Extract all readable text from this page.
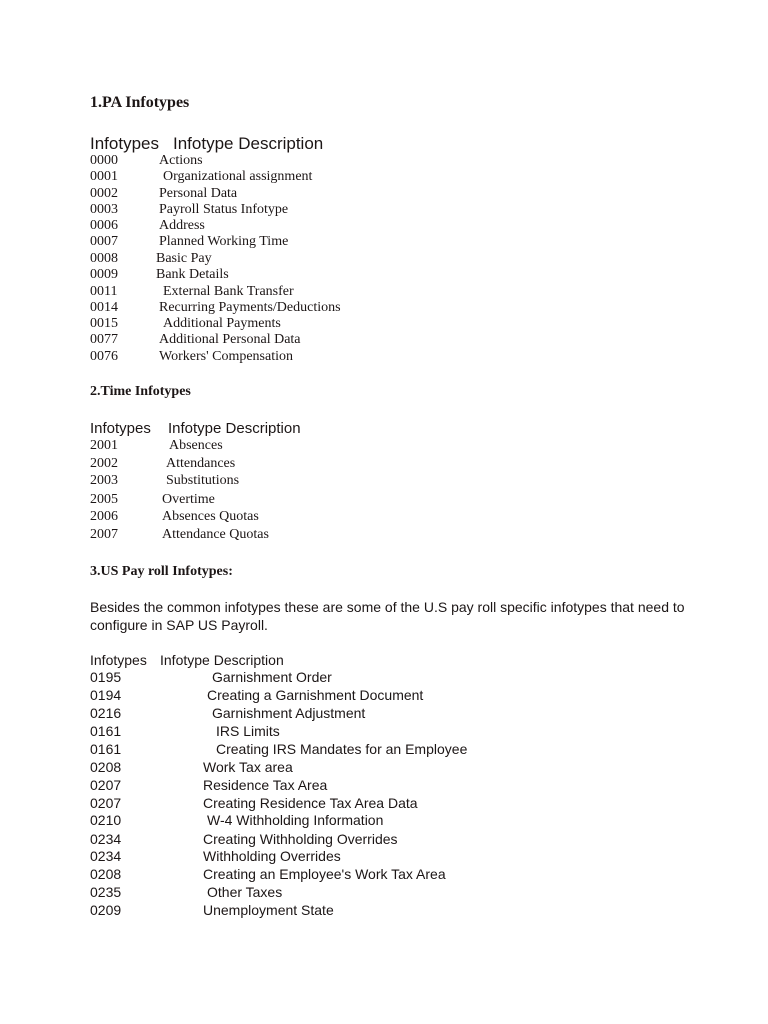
1.PA Infotypes
Infotypes Infotype Description
0000	Actions
0001	Organizational assignment
0002	Personal Data
0003	Payroll Status Infotype
0006	Address
0007	Planned Working Time
0008	Basic Pay
0009	Bank Details
0011	External Bank Transfer
0014	Recurring Payments/Deductions
0015	Additional Payments
0077	Additional Personal Data
0076	Workers' Compensation
2.Time Infotypes
Infotypes Infotype Description
2001	Absences
2002	Attendances
2003	Substitutions
2005	Overtime
2006	Absences Quotas
2007	Attendance Quotas
3.US Pay roll Infotypes:
Besides the common infotypes these are some of the U.S pay roll specific infotypes that need to configure in SAP US Payroll.
Infotypes Infotype Description
0195	Garnishment Order
0194	Creating a Garnishment Document
0216	Garnishment Adjustment
0161	IRS Limits
0161	Creating IRS Mandates for an Employee
0208	Work Tax area
0207	Residence Tax Area
0207	Creating Residence Tax Area Data
0210	W-4 Withholding Information
0234	Creating Withholding Overrides
0234	Withholding Overrides
0208	Creating an Employee's Work Tax Area
0235	Other Taxes
0209	Unemployment State
